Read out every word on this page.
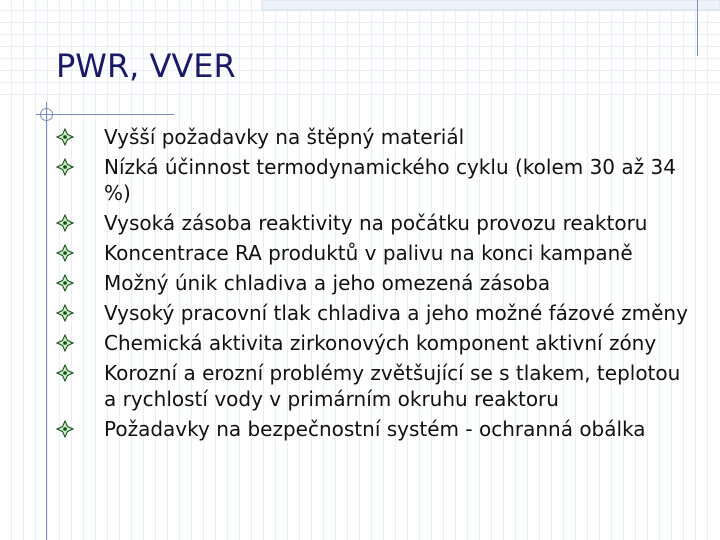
PWR, VVER
Vyšší požadavky na štěpný materiál
Nízká účinnost termodynamického cyklu (kolem 30 až 34 %)
Vysoká zásoba reaktivity na počátku provozu reaktoru
Koncentrace RA produktů v palivu na konci kampaně
Možný únik chladiva a jeho omezená zásoba
Vysoký pracovní tlak chladiva a jeho možné fázové změny
Chemická aktivita zirkonových komponent aktivní zóny
Korozní a erozní problémy zvětšující se s tlakem, teplotou a rychlostí vody v primárním okruhu reaktoru
Požadavky na bezpečnostní systém - ochranná obálka
